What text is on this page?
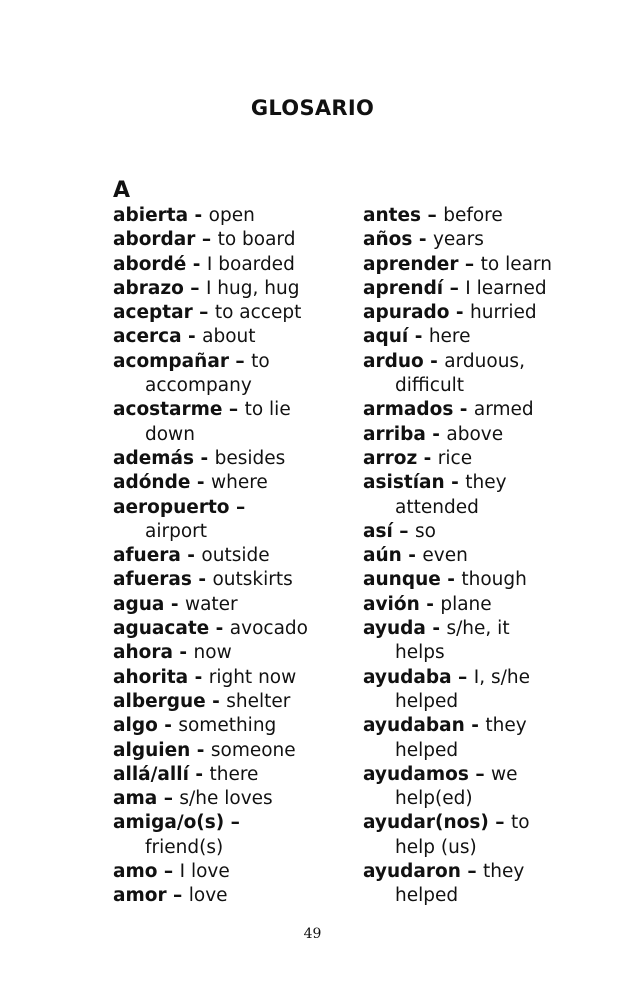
GLOSARIO
A
abierta - open
abordar – to board
abordé - I boarded
abrazo – I hug, hug
aceptar – to accept
acerca - about
acompañar – to
accompany
acostarme – to lie
down
además - besides
adónde - where
aeropuerto –
airport
afuera - outside
afueras - outskirts
agua - water
aguacate - avocado
ahora - now
ahorita - right now
albergue - shelter
algo - something
alguien - someone
allá/allí - there
ama – s/he loves
amiga/o(s) –
friend(s)
amo – I love
amor – love
antes – before
años - years
aprender – to learn
aprendí – I learned
apurado - hurried
aquí - here
arduo - arduous,
difficult
armados - armed
arriba - above
arroz - rice
asistían - they
attended
así – so
aún - even
aunque - though
avión - plane
ayuda - s/he, it
helps
ayudaba – I, s/he
helped
ayudaban - they
helped
ayudamos – we
help(ed)
ayudar(nos) – to
help (us)
ayudaron – they
helped
49
